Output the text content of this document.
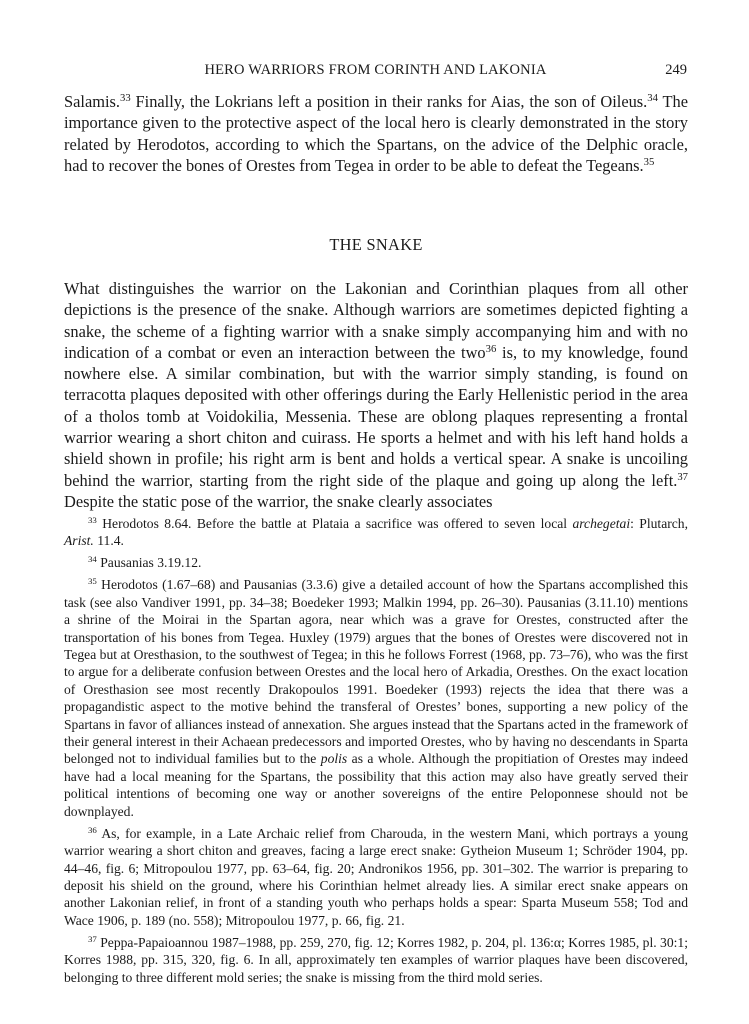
HERO WARRIORS FROM CORINTH AND LAKONIA	249

Salamis.$^{33}$ Finally, the Lokrians left a position in their ranks for Aias, the son of Oileus.$^{34}$ The importance given to the protective aspect of the local hero is clearly demonstrated in the story related by Herodotos, according to which the Spartans, on the advice of the Delphic oracle, had to recover the bones of Orestes from Tegea in order to be able to defeat the Tegeans.$^{35}$

THE SNAKE

What distinguishes the warrior on the Lakonian and Corinthian plaques from all other depictions is the presence of the snake. Although warriors are sometimes depicted fighting a snake, the scheme of a fighting warrior with a snake simply accompanying him and with no indication of a combat or even an interaction between the two$^{36}$ is, to my knowledge, found nowhere else. A similar combination, but with the warrior simply standing, is found on terracotta plaques deposited with other offerings during the Early Hellenistic period in the area of a tholos tomb at Voidokilia, Messenia. These are oblong plaques representing a frontal warrior wearing a short chiton and cuirass. He sports a helmet and with his left hand holds a shield shown in profile; his right arm is bent and holds a vertical spear. A snake is uncoiling behind the warrior, starting from the right side of the plaque and going up along the left.$^{37}$ Despite the static pose of the warrior, the snake clearly associates

$^{33}$ Herodotos 8.64. Before the battle at Plataia a sacrifice was offered to seven local archegetai: Plutarch, Arist. 11.4.

$^{34}$ Pausanias 3.19.12.

$^{35}$ Herodotos (1.67–68) and Pausanias (3.3.6) give a detailed account of how the Spartans accomplished this task (see also Vandiver 1991, pp. 34–38; Boedeker 1993; Malkin 1994, pp. 26–30). Pausanias (3.11.10) mentions a shrine of the Moirai in the Spartan agora, near which was a grave for Orestes, constructed after the transportation of his bones from Tegea. Huxley (1979) argues that the bones of Orestes were discovered not in Tegea but at Oresthasion, to the southwest of Tegea; in this he follows Forrest (1968, pp. 73–76), who was the first to argue for a deliberate confusion between Orestes and the local hero of Arkadia, Oresthes. On the exact location of Oresthasion see most recently Drakopoulos 1991. Boedeker (1993) rejects the idea that there was a propagandistic aspect to the motive behind the transferal of Orestes’ bones, supporting a new policy of the Spartans in favor of alliances instead of annexation. She argues instead that the Spartans acted in the framework of their general interest in their Achaean predecessors and imported Orestes, who by having no descendants in Sparta belonged not to individual families but to the polis as a whole. Although the propitiation of Orestes may indeed have had a local meaning for the Spartans, the possibility that this action may also have greatly served their political intentions of becoming one way or another sovereigns of the entire Peloponnese should not be downplayed.

$^{36}$ As, for example, in a Late Archaic relief from Charouda, in the western Mani, which portrays a young warrior wearing a short chiton and greaves, facing a large erect snake: Gytheion Museum 1; Schröder 1904, pp. 44–46, fig. 6; Mitropoulou 1977, pp. 63–64, fig. 20; Andronikos 1956, pp. 301–302. The warrior is preparing to deposit his shield on the ground, where his Corinthian helmet already lies. A similar erect snake appears on another Lakonian relief, in front of a standing youth who perhaps holds a spear: Sparta Museum 558; Tod and Wace 1906, p. 189 (no. 558); Mitropoulou 1977, p. 66, fig. 21.

$^{37}$ Peppa-Papaioannou 1987–1988, pp. 259, 270, fig. 12; Korres 1982, p. 204, pl. 136:α; Korres 1985, pl. 30:1; Korres 1988, pp. 315, 320, fig. 6. In all, approximately ten examples of warrior plaques have been discovered, belonging to three different mold series; the snake is missing from the third mold series.
